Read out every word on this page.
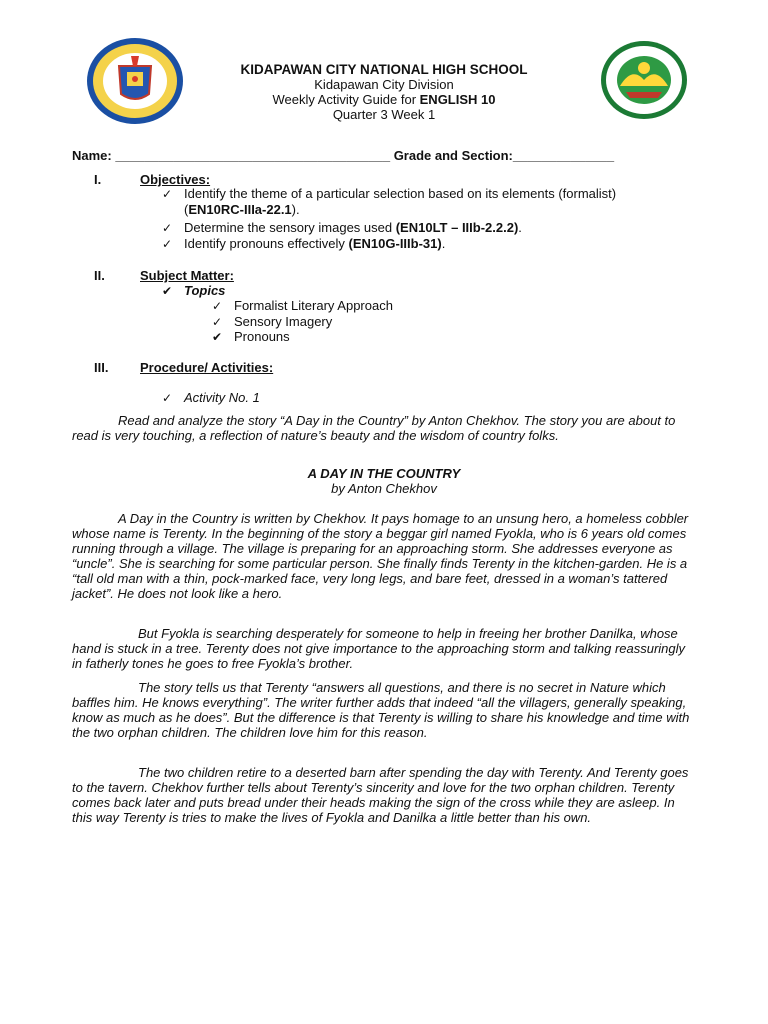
KIDAPAWAN CITY NATIONAL HIGH SCHOOL
Kidapawan City Division
Weekly Activity Guide for ENGLISH 10
Quarter 3 Week 1
Name: ______________________________________ Grade and Section:______________
I.	Objectives:
✓ Identify the theme of a particular selection based on its elements (formalist)
(EN10RC-IIIa-22.1).
✓ Determine the sensory images used (EN10LT – IIIb-2.2.2).
✓ Identify pronouns effectively (EN10G-IIIb-31).
II.	Subject Matter:
✔ Topics
✓ Formalist Literary Approach
✓ Sensory Imagery
✔ Pronouns
III. Procedure/ Activities:
✓ Activity No. 1
Read and analyze the story “A Day in the Country” by Anton Chekhov. The story you are about to read is very touching, a reflection of nature’s beauty and the wisdom of country folks.
A DAY IN THE COUNTRY
by Anton Chekhov
A Day in the Country is written by Chekhov. It pays homage to an unsung hero, a homeless cobbler whose name is Terenty. In the beginning of the story a beggar girl named Fyokla, who is 6 years old comes running through a village. The village is preparing for an approaching storm. She addresses everyone as “uncle”. She is searching for some particular person. She finally finds Terenty in the kitchen-garden. He is a “tall old man with a thin, pock-marked face, very long legs, and bare feet, dressed in a woman’s tattered jacket”. He does not look like a hero.
But Fyokla is searching desperately for someone to help in freeing her brother Danilka, whose hand is stuck in a tree. Terenty does not give importance to the approaching storm and talking reassuringly in fatherly tones he goes to free Fyokla’s brother.
The story tells us that Terenty “answers all questions, and there is no secret in Nature which baffles him. He knows everything”. The writer further adds that indeed “all the villagers, generally speaking, know as much as he does”. But the difference is that Terenty is willing to share his knowledge and time with the two orphan children. The children love him for this reason.
The two children retire to a deserted barn after spending the day with Terenty. And Terenty goes to the tavern. Chekhov further tells about Terenty’s sincerity and love for the two orphan children. Terenty comes back later and puts bread under their heads making the sign of the cross while they are asleep. In this way Terenty is tries to make the lives of Fyokla and Danilka a little better than his own.
